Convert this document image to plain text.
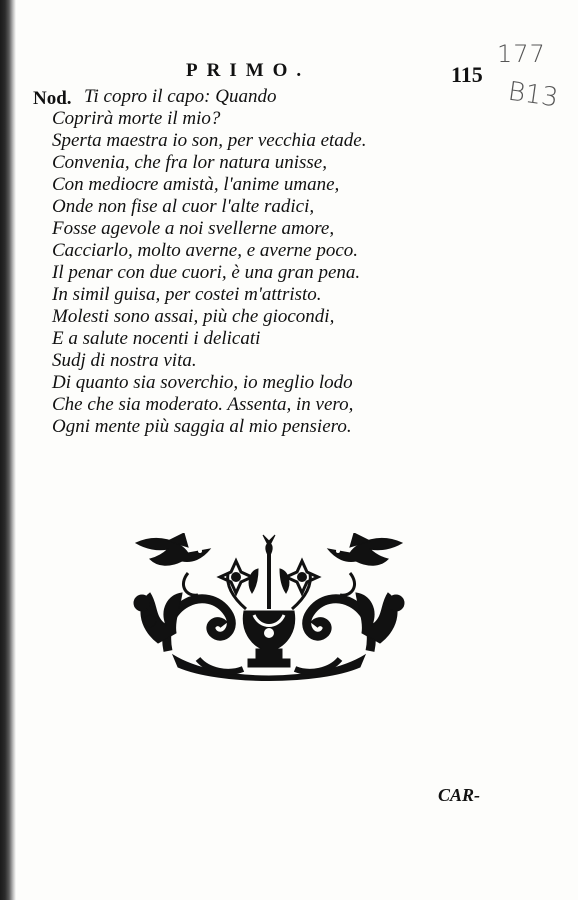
PRIMO.	115
177
B13
Nod. Ti copro il capo: Quando
Coprirà morte il mio?
Sperta maestra io son, per vecchia etade.
Convenia, che fra lor natura unisse,
Con mediocre amistà, l'anime umane,
Onde non fise al cuor l'alte radici,
Fosse agevole a noi svellerne amore,
Cacciarlo, molto averne, e averne poco.
Il penar con due cuori, è una gran pena.
In simil guisa, per costei m'attristo.
Molesti sono assai, più che giocondi,
E a salute nocenti i delicati
Sudj di nostra vita.
Di quanto sia soverchio, io meglio lodo
Che che sia moderato. Assenta, in vero,
Ogni mente più saggia al mio pensiero.
CAR-
